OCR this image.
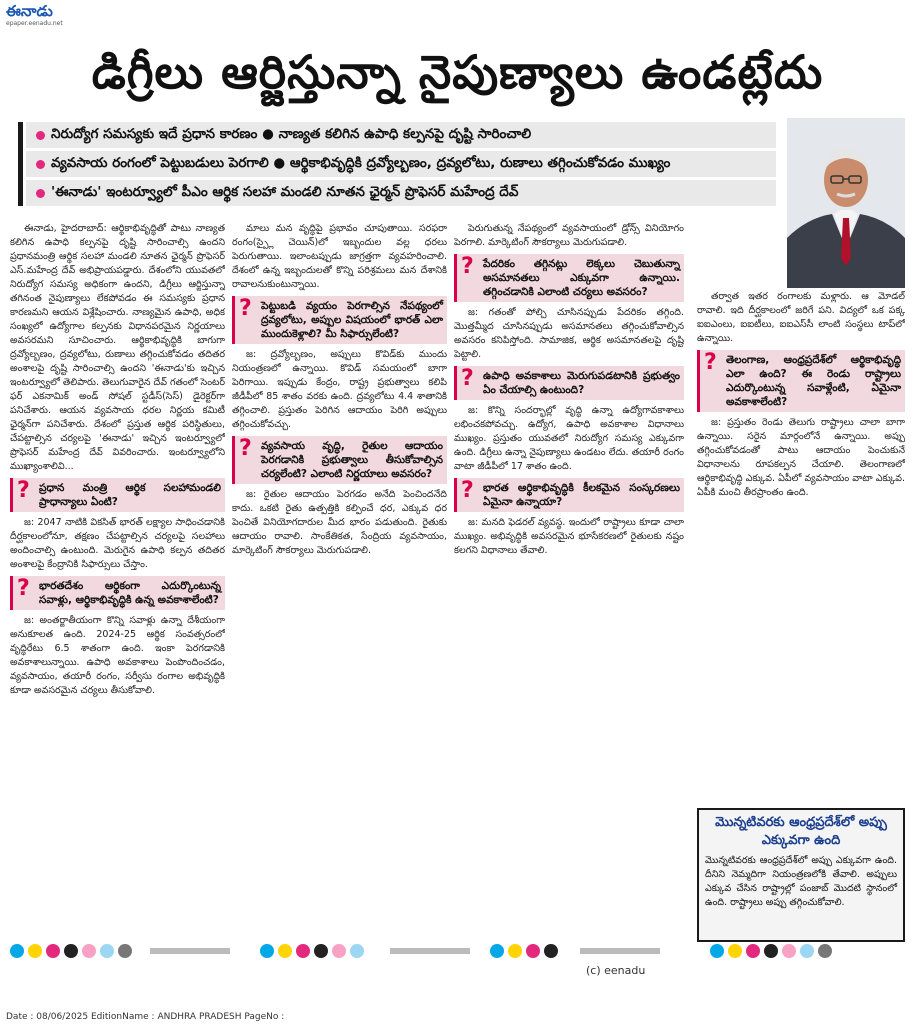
ఈనాడు
epaper.eenadu.net
డిగ్రీలు ఆర్జిస్తున్నా నైపుణ్యాలు ఉండట్లేదు
నిరుద్యోగ సమస్యకు ఇదే ప్రధాన కారణం ● నాణ్యత కలిగిన ఉపాధి కల్పనపై దృష్టి సారించాలి
వ్యవసాయ రంగంలో పెట్టుబడులు పెరగాలి ● ఆర్థికాభివృద్ధికి ద్రవ్యోల్బణం, ద్రవ్యలోటు, రుణాలు తగ్గించుకోవడం ముఖ్యం
'ఈనాడు' ఇంటర్వ్యూలో పీఎం ఆర్థిక సలహా మండలి నూతన ఛైర్మన్ ప్రొఫెసర్ మహేంద్ర దేవ్

ఈనాడు, హైదరాబాద్: ఆర్థికాభివృద్ధితో పాటు నాణ్యత కలిగిన ఉపాధి కల్పనపై దృష్టి సారించాల్సి ఉందని ప్రధానమంత్రి ఆర్థిక సలహా మండలి నూతన ఛైర్మన్ ప్రొఫెసర్ ఎస్.మహేంద్ర దేవ్ అభిప్రాయపడ్డారు. దేశంలోని యువతలో నిరుద్యోగ సమస్య అధికంగా ఉందని, డిగ్రీలు ఆర్జిస్తున్నా తగినంత నైపుణ్యాలు లేకపోవడం ఈ సమస్యకు ప్రధాన కారణమని ఆయన విశ్లేషించారు. నాణ్యమైన ఉపాధి, అధిక సంఖ్యలో ఉద్యోగాల కల్పనకు విధానపరమైన నిర్ణయాలు అవసరమని సూచించారు. ఆర్థికాభివృద్ధికి బాగుగా ద్రవ్యోల్బణం, ద్రవ్యలోటు, రుణాలు తగ్గించుకోవడం తదితర అంశాలపై దృష్టి సారించాల్సి ఉందని 'ఈనాడు'కు ఇచ్చిన ఇంటర్వ్యూలో తెలిపారు. తెలుగువారైన దేవ్ గతంలో సెంటర్ ఫర్ ఎకనామిక్ అండ్ సోషల్ స్టడీస్(సెస్) డైరెక్టర్‌గా పనిచేశారు. ఆయన వ్యవసాయ ధరల నిర్ణయ కమిటీ ఛైర్మన్‌గా పనిచేశారు. దేశంలో ప్రస్తుత ఆర్థిక పరిస్థితులు, చేపట్టాల్సిన చర్యలపై 'ఈనాడు' ఇచ్చిన ఇంటర్వ్యూలో ప్రొఫెసర్ మహేంద్ర దేవ్ వివరించారు. ఇంటర్వ్యూలోని ముఖ్యాంశాలివి...

? ప్రధాన మంత్రి ఆర్థిక సలహామండలి ప్రాధాన్యాలు ఏంటి?

జ: 2047 నాటికి వికసిత్ భారత్ లక్ష్యాల సాధించడానికి దీర్ఘకాలంలోనూ, తక్షణం చేపట్టాల్సిన చర్యలపై సలహాలు అందించాల్సి ఉంటుంది. మెరుగైన ఉపాధి కల్పన తదితర అంశాలపై కేంద్రానికి సిఫార్సులు చేస్తాం.

? భారతదేశం ఆర్థికంగా ఎదుర్కొంటున్న సవాళ్లు, ఆర్థికాభివృద్ధికి ఉన్న అవకాశాలేంటి?

జ: అంతర్జాతీయంగా కొన్ని సవాళ్లు ఉన్నా దేశీయంగా అనుకూలత ఉంది. 2024-25 ఆర్థిక సంవత్సరంలో వృద్ధిరేటు 6.5 శాతంగా ఉంది. ఇంకా పెరగడానికి అవకాశాలున్నాయి. ఉపాధి అవకాశాలు పెంపొందించడం, వ్యవసాయం, తయారీ రంగం, సర్వీసు రంగాల అభివృద్ధికి కూడా అవసరమైన చర్యలు తీసుకోవాలి.

మాలు మన వృద్ధిపై ప్రభావం చూపుతాయి. సరఫరా రంగం(స్ప్లై చెయిన్)లో ఇబ్బందుల వల్ల ధరలు పెరుగుతాయి. ఇలాంటప్పుడు జాగ్రత్తగా వ్యవహరించాలి. దేశంలో ఉన్న ఇబ్బందులతో కొన్ని పరిశ్రమలు మన దేశానికి రావాలనుకుంటున్నాయి.

? పెట్టుబడి వ్యయం పెరగాల్సిన నేపథ్యంలో ద్రవ్యలోటు, అప్పుల విషయంలో భారత్ ఎలా ముందుకెళ్లాలి? మీ సిఫార్సులేంటి?

జ: ద్రవ్యోల్బణం, అప్పులు కొవిడ్‌కు ముందు నియంత్రణలో ఉన్నాయి. కొవిడ్ సమయంలో బాగా పెరిగాయి. ఇప్పుడు కేంద్రం, రాష్ట్ర ప్రభుత్వాలు కలిపి జీడీపీలో 85 శాతం వరకు ఉంది. ద్రవ్యలోటు 4.4 శాతానికి తగ్గించాలి. ప్రస్తుతం పెరిగిన ఆదాయం పెరిగి అప్పులు తగ్గించుకోవచ్చు.

? వ్యవసాయ వృద్ధి, రైతుల ఆదాయం పెరగడానికి ప్రభుత్వాలు తీసుకోవాల్సిన చర్యలేంటి? ఎలాంటి నిర్ణయాలు అవసరం?

జ: రైతుల ఆదాయం పెరగడం అనేది పెంచిందనేది కాదు. ఒకటి రైతు ఉత్పత్తికి కల్పించే ధర, ఎక్కువ ధర పెంచితే వినియోగదారుల మీద భారం పడుతుంది. రైతుకు ఆదాయం రావాలి. సాంకేతికత, సేంద్రియ వ్యవసాయం, మార్కెటింగ్ సౌకర్యాలు మెరుగుపడాలి.

పెరుగుతున్న నేపథ్యంలో వ్యవసాయంలో డ్రోన్స్ వినియోగం పెరగాలి. మార్కెటింగ్ సౌకర్యాలు మెరుగుపడాలి.

? పేదరికం తగ్గినట్లు లెక్కలు చెబుతున్నా అసమానతలు ఎక్కువగా ఉన్నాయి. తగ్గించడానికి ఎలాంటి చర్యలు అవసరం?

జ: గతంతో పోల్చి చూసినప్పుడు పేదరికం తగ్గింది. మొత్తమ్మీద చూసినప్పుడు అసమానతలు తగ్గించుకోవాల్సిన అవసరం కనిపిస్తోంది. సామాజిక, ఆర్థిక అసమానతలపై దృష్టి పెట్టాలి.

? ఉపాధి అవకాశాలు మెరుగుపడటానికి ప్రభుత్వం ఏం చేయాల్సి ఉంటుంది?

జ: కొన్ని సందర్భాల్లో వృద్ధి ఉన్నా ఉద్యోగావకాశాలు లభించకపోవచ్చు. ఉద్యోగ, ఉపాధి అవకాశాల విధానాలు ముఖ్యం. ప్రస్తుతం యువతలో నిరుద్యోగ సమస్య ఎక్కువగా ఉంది. డిగ్రీలు ఉన్నా నైపుణ్యాలు ఉండటం లేదు. తయారీ రంగం వాటా జీడీపీలో 17 శాతం ఉంది.

? భారత ఆర్థికాభివృద్ధికి కీలకమైన సంస్కరణలు ఏమైనా ఉన్నాయా?

జ: మనది ఫెడరల్ వ్యవస్థ. ఇందులో రాష్ట్రాలు కూడా చాలా ముఖ్యం. అభివృద్ధికి అవసరమైన భూసేకరణలో రైతులకు నష్టం కలగని విధానాలు తేవాలి.

తర్వాత ఇతర రంగాలకు మళ్లారు. ఆ మోడల్ రావాలి. ఇది దీర్ఘకాలంలో జరిగే పని. విద్యలో ఒక పక్క ఐఐఎంలు, ఐఐటీలు, ఐఐఎస్‌సీ లాంటి సంస్థలు టాప్‌లో ఉన్నాయి.

? తెలంగాణ, ఆంధ్రప్రదేశ్‌లో ఆర్థికాభివృద్ధి ఎలా ఉంది? ఈ రెండు రాష్ట్రాలు ఎదుర్కొంటున్న సవాళ్లేంటి, ఏమైనా అవకాశాలేంటి?

జ: ప్రస్తుతం రెండు తెలుగు రాష్ట్రాలు చాలా బాగా ఉన్నాయి. సరైన మార్గంలోనే ఉన్నాయి. అప్పు తగ్గించుకోవడంతో పాటు ఆదాయం పెంచుకునే విధానాలను రూపకల్పన చేయాలి. తెలంగాణలో ఆర్థికాభివృద్ధి ఎక్కువ. ఏపీలో వ్యవసాయం వాటా ఎక్కువ. ఏపీకి మంచి తీరప్రాంతం ఉంది.

మొన్నటివరకు ఆంధ్రప్రదేశ్‌లో అప్పు ఎక్కువగా ఉంది
మొన్నటివరకు ఆంధ్రప్రదేశ్‌లో అప్పు ఎక్కువగా ఉంది. దీనిని నెమ్మదిగా నియంత్రణలోకి తేవాలి. అప్పులు ఎక్కువ చేసిన రాష్ట్రాల్లో పంజాబ్ మొదటి స్థానంలో ఉంది. రాష్ట్రాలు అప్పు తగ్గించుకోవాలి.
(c) eenadu
Date : 08/06/2025 EditionName : ANDHRA PRADESH PageNo :
